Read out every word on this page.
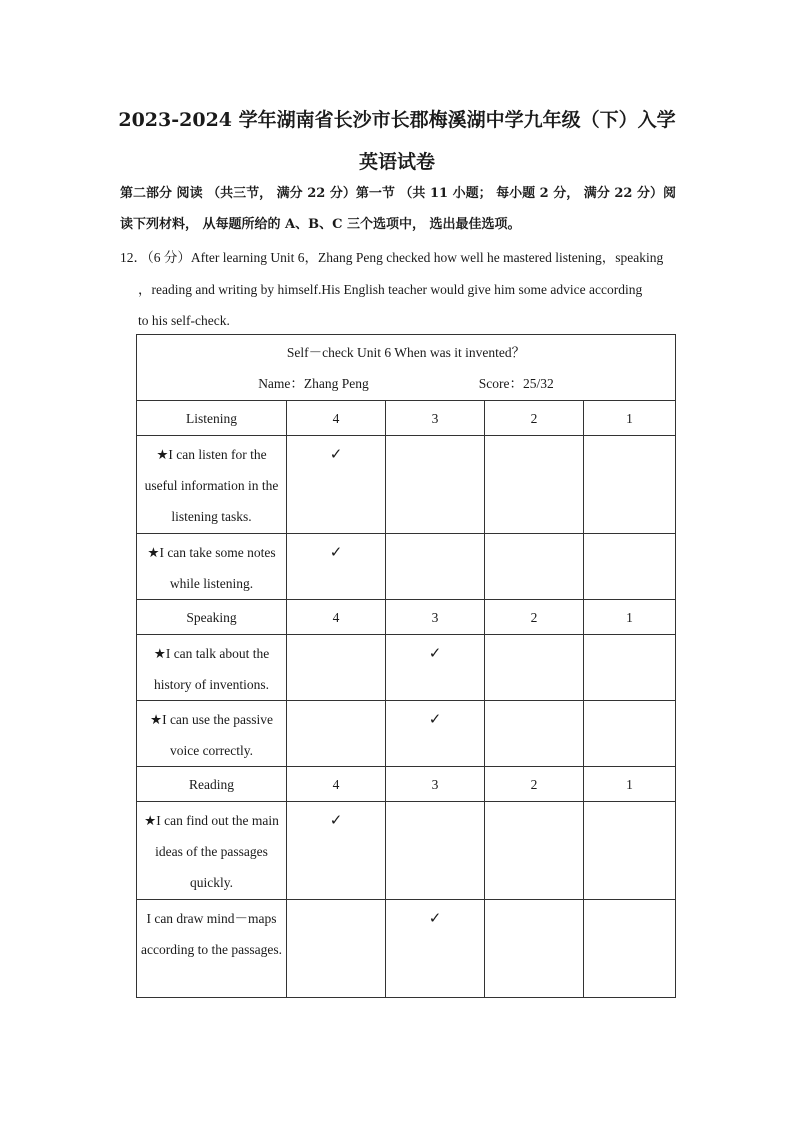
2023-2024 学年湖南省长沙市长郡梅溪湖中学九年级（下）入学
英语试卷
第二部分 阅读 （共三节， 满分 22 分）第一节 （共 11 小题； 每小题 2 分， 满分 22 分）阅读下列材料， 从每题所给的 A、B、C 三个选项中， 选出最佳选项。
12．（6 分）After learning Unit 6，Zhang Peng checked how well he mastered listening，speaking
，reading and writing by himself.His English teacher would give him some advice according
to his self-check.
Self－check Unit 6 When was it invented？
Name：Zhang Peng Score：25/32				

Listening	4	3	2	1
★I can listen for the useful information in the listening tasks.	✓			
★I can take some notes while listening.	✓			
Speaking	4	3	2	1
★I can talk about the history of inventions.		✓		
★I can use the passive voice correctly.		✓		
Reading	4	3	2	1
★I can find out the main ideas of the passages quickly.	✓			
I can draw mind－maps according to the passages.		✓		
